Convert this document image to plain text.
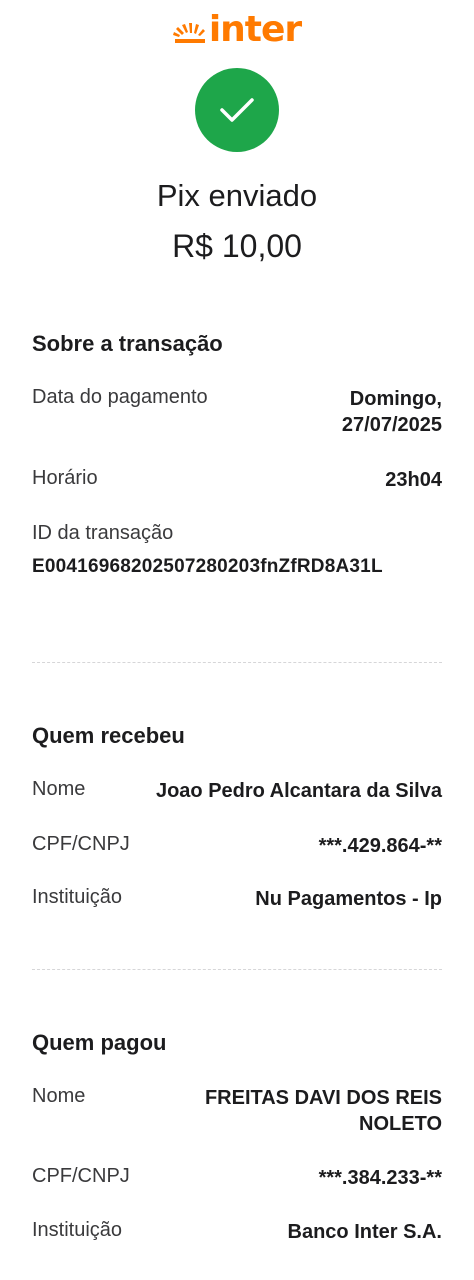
inter
Pix enviado
R$ 10,00
Sobre a transação
Data do pagamento	Domingo, 27/07/2025
Horário	23h04
ID da transação
E00416968202507280203fnZfRD8A31L
Quem recebeu
Nome	Joao Pedro Alcantara da Silva
CPF/CNPJ	***.429.864-**
Instituição	Nu Pagamentos - Ip
Quem pagou
Nome	FREITAS DAVI DOS REIS NOLETO
CPF/CNPJ	***.384.233-**
Instituição	Banco Inter S.A.
